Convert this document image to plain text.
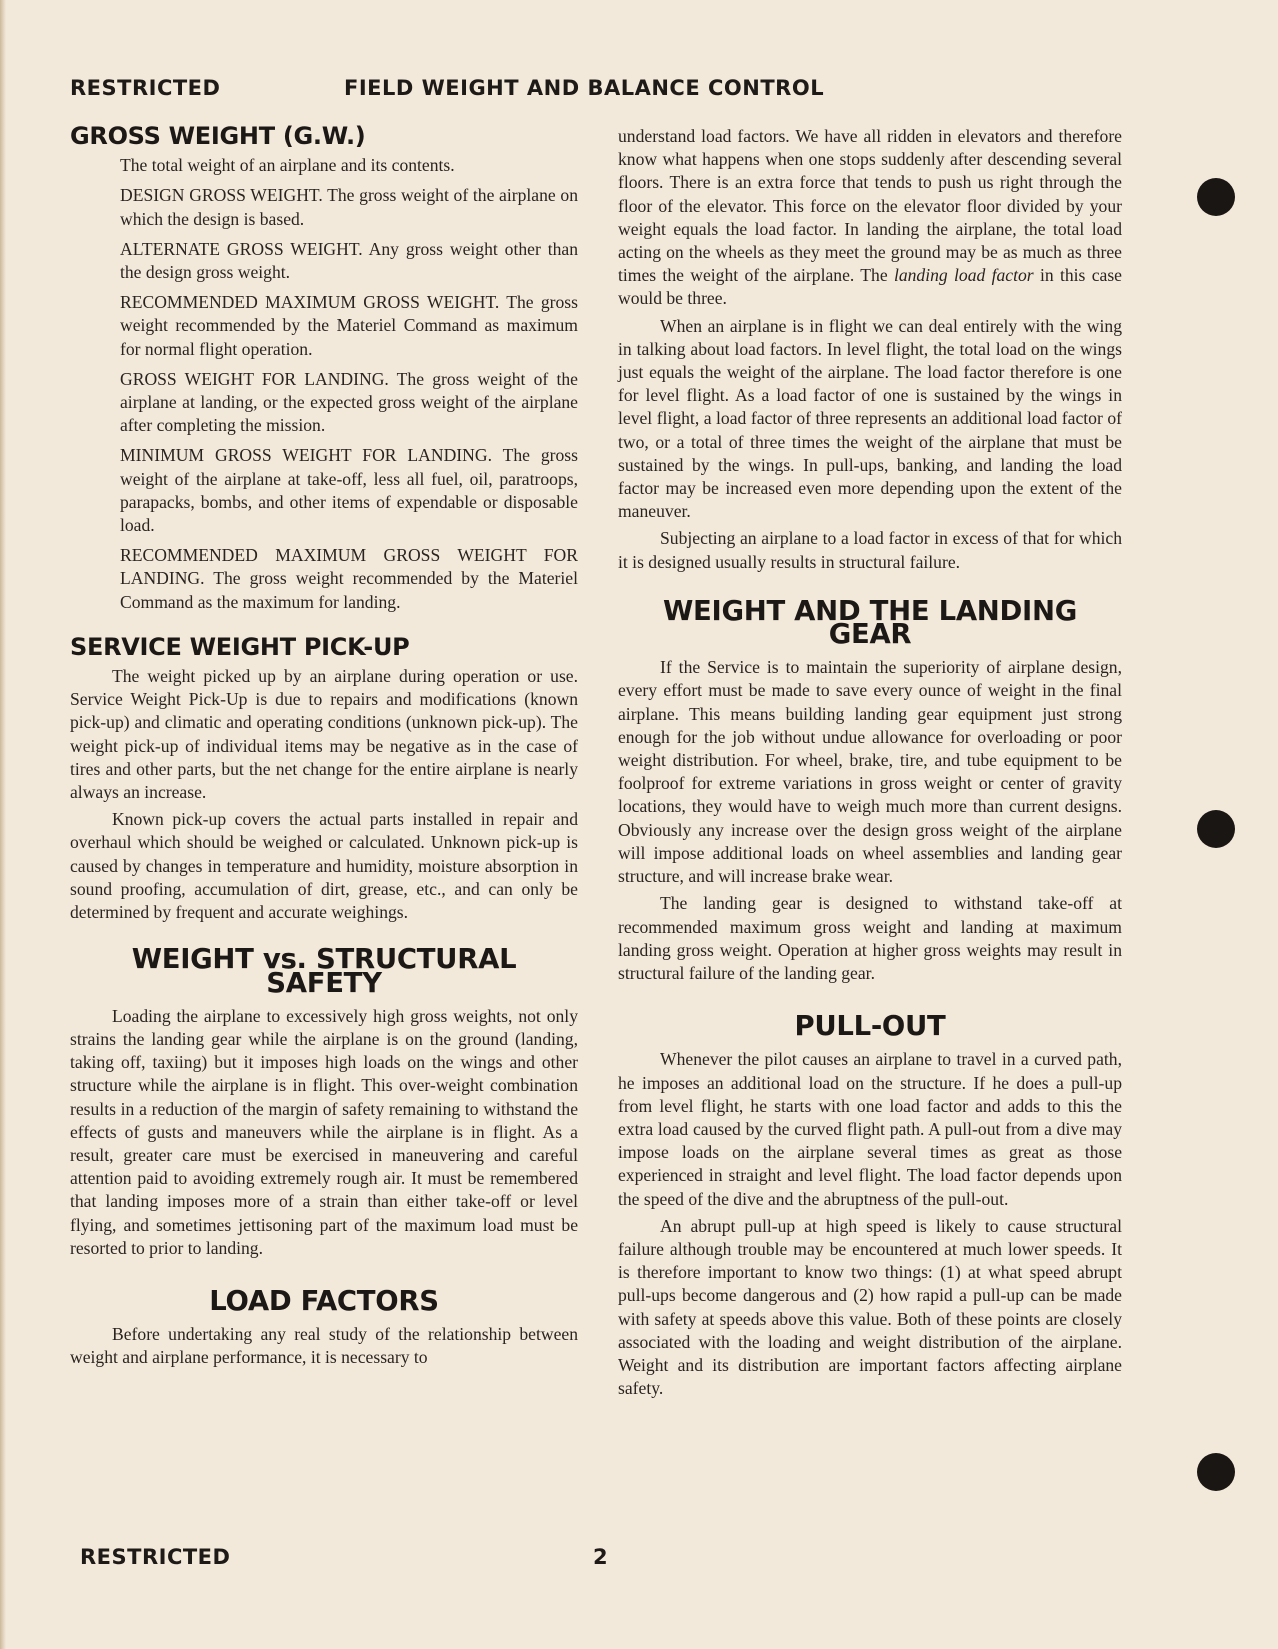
RESTRICTED	FIELD WEIGHT AND BALANCE CONTROL
GROSS WEIGHT (G.W.)

The total weight of an airplane and its contents.

DESIGN GROSS WEIGHT. The gross weight of the airplane on which the design is based.

ALTERNATE GROSS WEIGHT. Any gross weight other than the design gross weight.

RECOMMENDED MAXIMUM GROSS WEIGHT. The gross weight recommended by the Materiel Command as maximum for normal flight operation.

GROSS WEIGHT FOR LANDING. The gross weight of the airplane at landing, or the expected gross weight of the airplane after completing the mission.

MINIMUM GROSS WEIGHT FOR LANDING. The gross weight of the airplane at take-off, less all fuel, oil, paratroops, parapacks, bombs, and other items of expendable or disposable load.

RECOMMENDED MAXIMUM GROSS WEIGHT FOR LANDING. The gross weight recommended by the Materiel Command as the maximum for landing.

SERVICE WEIGHT PICK-UP

The weight picked up by an airplane during operation or use. Service Weight Pick-Up is due to repairs and modifications (known pick-up) and climatic and operating conditions (unknown pick-up). The weight pick-up of individual items may be negative as in the case of tires and other parts, but the net change for the entire airplane is nearly always an increase.

Known pick-up covers the actual parts installed in repair and overhaul which should be weighed or calculated. Unknown pick-up is caused by changes in temperature and humidity, moisture absorption in sound proofing, accumulation of dirt, grease, etc., and can only be determined by frequent and accurate weighings.

WEIGHT vs. STRUCTURAL SAFETY

Loading the airplane to excessively high gross weights, not only strains the landing gear while the airplane is on the ground (landing, taking off, taxiing) but it imposes high loads on the wings and other structure while the airplane is in flight. This over-weight combination results in a reduction of the margin of safety remaining to withstand the effects of gusts and maneuvers while the airplane is in flight. As a result, greater care must be exercised in maneuvering and careful attention paid to avoiding extremely rough air. It must be remembered that landing imposes more of a strain than either take-off or level flying, and sometimes jettisoning part of the maximum load must be resorted to prior to landing.

LOAD FACTORS

Before undertaking any real study of the relationship between weight and airplane performance, it is necessary to

understand load factors. We have all ridden in elevators and therefore know what happens when one stops suddenly after descending several floors. There is an extra force that tends to push us right through the floor of the elevator. This force on the elevator floor divided by your weight equals the load factor. In landing the airplane, the total load acting on the wheels as they meet the ground may be as much as three times the weight of the airplane. The landing load factor in this case would be three.

When an airplane is in flight we can deal entirely with the wing in talking about load factors. In level flight, the total load on the wings just equals the weight of the airplane. The load factor therefore is one for level flight. As a load factor of one is sustained by the wings in level flight, a load factor of three represents an additional load factor of two, or a total of three times the weight of the airplane that must be sustained by the wings. In pull-ups, banking, and landing the load factor may be increased even more depending upon the extent of the maneuver.

Subjecting an airplane to a load factor in excess of that for which it is designed usually results in structural failure.

WEIGHT AND THE LANDING GEAR

If the Service is to maintain the superiority of airplane design, every effort must be made to save every ounce of weight in the final airplane. This means building landing gear equipment just strong enough for the job without undue allowance for overloading or poor weight distribution. For wheel, brake, tire, and tube equipment to be foolproof for extreme variations in gross weight or center of gravity locations, they would have to weigh much more than current designs. Obviously any increase over the design gross weight of the airplane will impose additional loads on wheel assemblies and landing gear structure, and will increase brake wear.

The landing gear is designed to withstand take-off at recommended maximum gross weight and landing at maximum landing gross weight. Operation at higher gross weights may result in structural failure of the landing gear.

PULL-OUT

Whenever the pilot causes an airplane to travel in a curved path, he imposes an additional load on the structure. If he does a pull-up from level flight, he starts with one load factor and adds to this the extra load caused by the curved flight path. A pull-out from a dive may impose loads on the airplane several times as great as those experienced in straight and level flight. The load factor depends upon the speed of the dive and the abruptness of the pull-out.

An abrupt pull-up at high speed is likely to cause structural failure although trouble may be encountered at much lower speeds. It is therefore important to know two things: (1) at what speed abrupt pull-ups become dangerous and (2) how rapid a pull-up can be made with safety at speeds above this value. Both of these points are closely associated with the loading and weight distribution of the airplane. Weight and its distribution are important factors affecting airplane safety.

RESTRICTED	2
